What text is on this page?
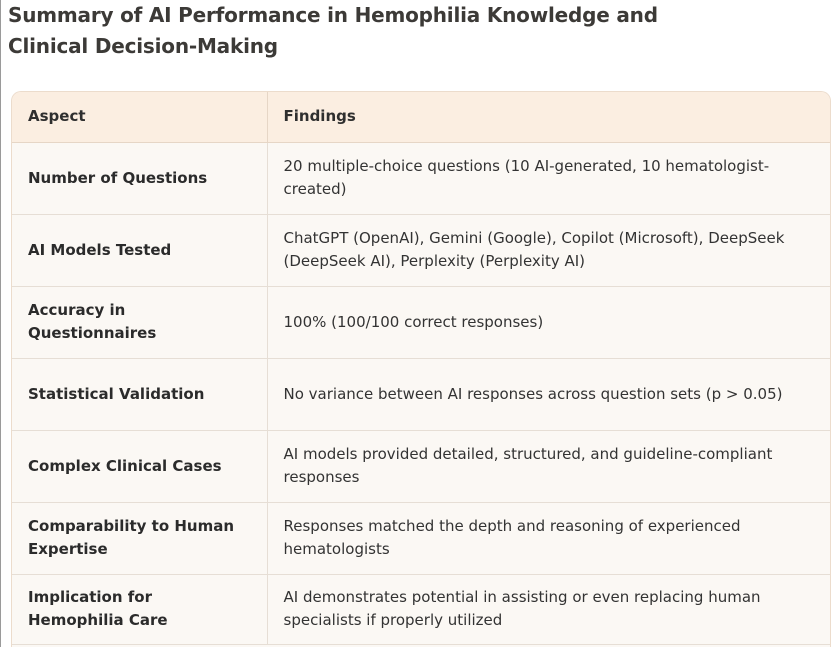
Summary of AI Performance in Hemophilia Knowledge and Clinical Decision-Making
Aspect	Findings
Number of Questions	20 multiple-choice questions (10 AI-generated, 10 hematologist-created)
AI Models Tested	ChatGPT (OpenAI), Gemini (Google), Copilot (Microsoft), DeepSeek (DeepSeek AI), Perplexity (Perplexity AI)
Accuracy in Questionnaires	100% (100/100 correct responses)
Statistical Validation	No variance between AI responses across question sets (p > 0.05)
Complex Clinical Cases	AI models provided detailed, structured, and guideline-compliant responses
Comparability to Human Expertise	Responses matched the depth and reasoning of experienced hematologists
Implication for Hemophilia Care	AI demonstrates potential in assisting or even replacing human specialists if properly utilized
